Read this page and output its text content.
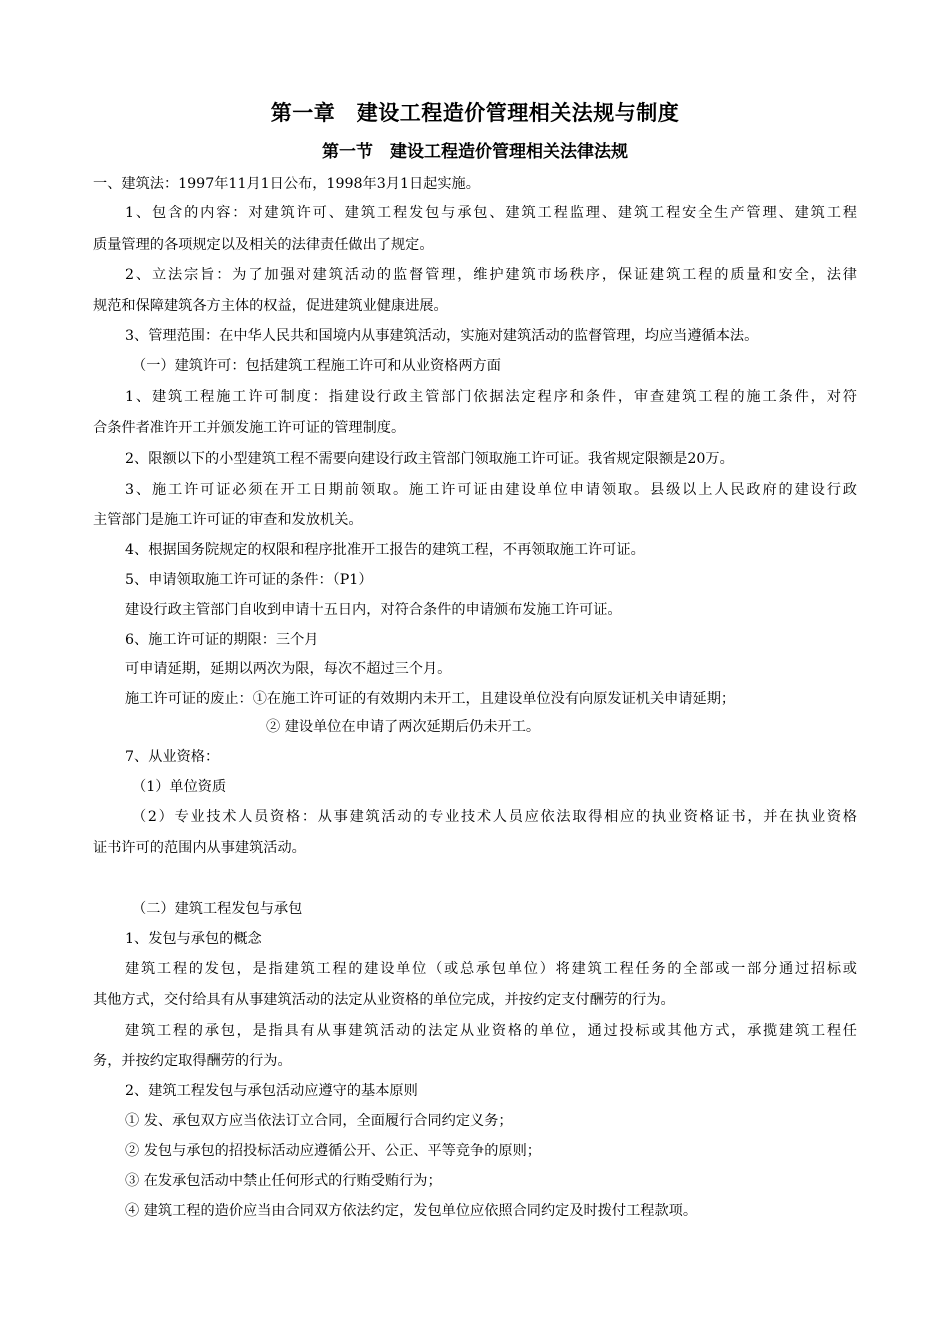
第一章　建设工程造价管理相关法规与制度
第一节　建设工程造价管理相关法律法规
一、建筑法：1997年11月1日公布，1998年3月1日起实施。
1、包含的内容：对建筑许可、建筑工程发包与承包、建筑工程监理、建筑工程安全生产管理、建筑工程
质量管理的各项规定以及相关的法律责任做出了规定。
2、立法宗旨：为了加强对建筑活动的监督管理，维护建筑市场秩序，保证建筑工程的质量和安全，法律
规范和保障建筑各方主体的权益，促进建筑业健康进展。
3、管理范围：在中华人民共和国境内从事建筑活动，实施对建筑活动的监督管理，均应当遵循本法。
（一）建筑许可：包括建筑工程施工许可和从业资格两方面
1、建筑工程施工许可制度：指建设行政主管部门依据法定程序和条件，审查建筑工程的施工条件，对符
合条件者准许开工并颁发施工许可证的管理制度。
2、限额以下的小型建筑工程不需要向建设行政主管部门领取施工许可证。我省规定限额是20万。
3、施工许可证必须在开工日期前领取。施工许可证由建设单位申请领取。县级以上人民政府的建设行政
主管部门是施工许可证的审查和发放机关。
4、根据国务院规定的权限和程序批准开工报告的建筑工程，不再领取施工许可证。
5、申请领取施工许可证的条件：（P1）
建设行政主管部门自收到申请十五日内，对符合条件的申请颁布发施工许可证。
6、施工许可证的期限：三个月
可申请延期，延期以两次为限，每次不超过三个月。
施工许可证的废止：①在施工许可证的有效期内未开工，且建设单位没有向原发证机关申请延期；
② 建设单位在申请了两次延期后仍未开工。
7、从业资格：
（1）单位资质
（2）专业技术人员资格：从事建筑活动的专业技术人员应依法取得相应的执业资格证书，并在执业资格
证书许可的范围内从事建筑活动。
（二）建筑工程发包与承包
1、发包与承包的概念
建筑工程的发包，是指建筑工程的建设单位（或总承包单位）将建筑工程任务的全部或一部分通过招标或
其他方式，交付给具有从事建筑活动的法定从业资格的单位完成，并按约定支付酬劳的行为。
建筑工程的承包，是指具有从事建筑活动的法定从业资格的单位，通过投标或其他方式，承揽建筑工程任
务，并按约定取得酬劳的行为。
2、建筑工程发包与承包活动应遵守的基本原则
① 发、承包双方应当依法订立合同，全面履行合同约定义务；
② 发包与承包的招投标活动应遵循公开、公正、平等竞争的原则；
③ 在发承包活动中禁止任何形式的行贿受贿行为；
④ 建筑工程的造价应当由合同双方依法约定，发包单位应依照合同约定及时拨付工程款项。
